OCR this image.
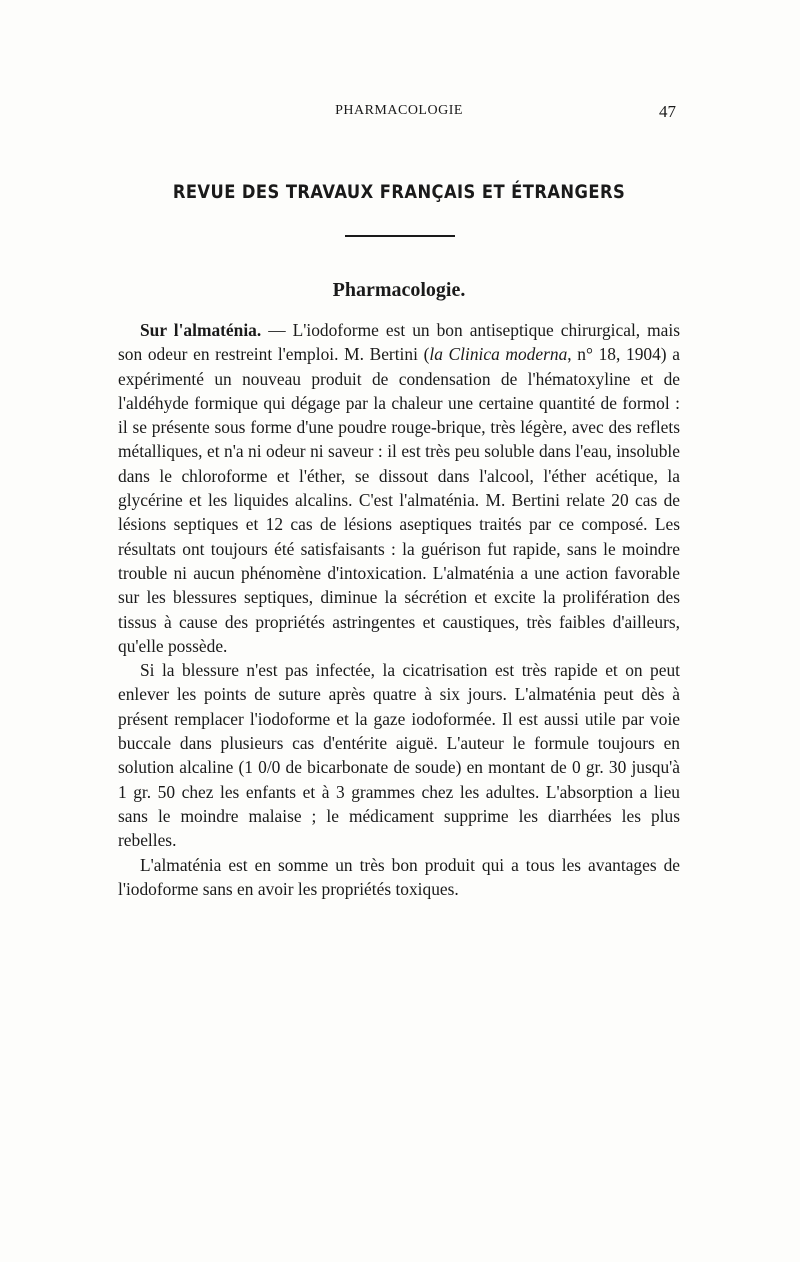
PHARMACOLOGIE	47
REVUE DES TRAVAUX FRANÇAIS ET ÉTRANGERS
Pharmacologie.

Sur l'almaténia. — L'iodoforme est un bon antiseptique chirurgical, mais son odeur en restreint l'emploi. M. Bertini (la Clinica moderna, n° 18, 1904) a expérimenté un nouveau produit de condensation de l'hématoxyline et de l'aldéhyde formique qui dégage par la chaleur une certaine quantité de formol : il se présente sous forme d'une poudre rouge-brique, très légère, avec des reflets métalliques, et n'a ni odeur ni saveur : il est très peu soluble dans l'eau, insoluble dans le chloroforme et l'éther, se dissout dans l'alcool, l'éther acétique, la glycérine et les liquides alcalins. C'est l'almaténia. M. Bertini relate 20 cas de lésions septiques et 12 cas de lésions aseptiques traités par ce composé. Les résultats ont toujours été satisfaisants : la guérison fut rapide, sans le moindre trouble ni aucun phénomène d'intoxication. L'almaténia a une action favorable sur les blessures septiques, diminue la sécrétion et excite la prolifération des tissus à cause des propriétés astringentes et caustiques, très faibles d'ailleurs, qu'elle possède.

Si la blessure n'est pas infectée, la cicatrisation est très rapide et on peut enlever les points de suture après quatre à six jours. L'almaténia peut dès à présent remplacer l'iodoforme et la gaze iodoformée. Il est aussi utile par voie buccale dans plusieurs cas d'entérite aiguë. L'auteur le formule toujours en solution alcaline (1 0/0 de bicarbonate de soude) en montant de 0 gr. 30 jusqu'à 1 gr. 50 chez les enfants et à 3 grammes chez les adultes. L'absorption a lieu sans le moindre malaise ; le médicament supprime les diarrhées les plus rebelles.

L'almaténia est en somme un très bon produit qui a tous les avantages de l'iodoforme sans en avoir les propriétés toxiques.
